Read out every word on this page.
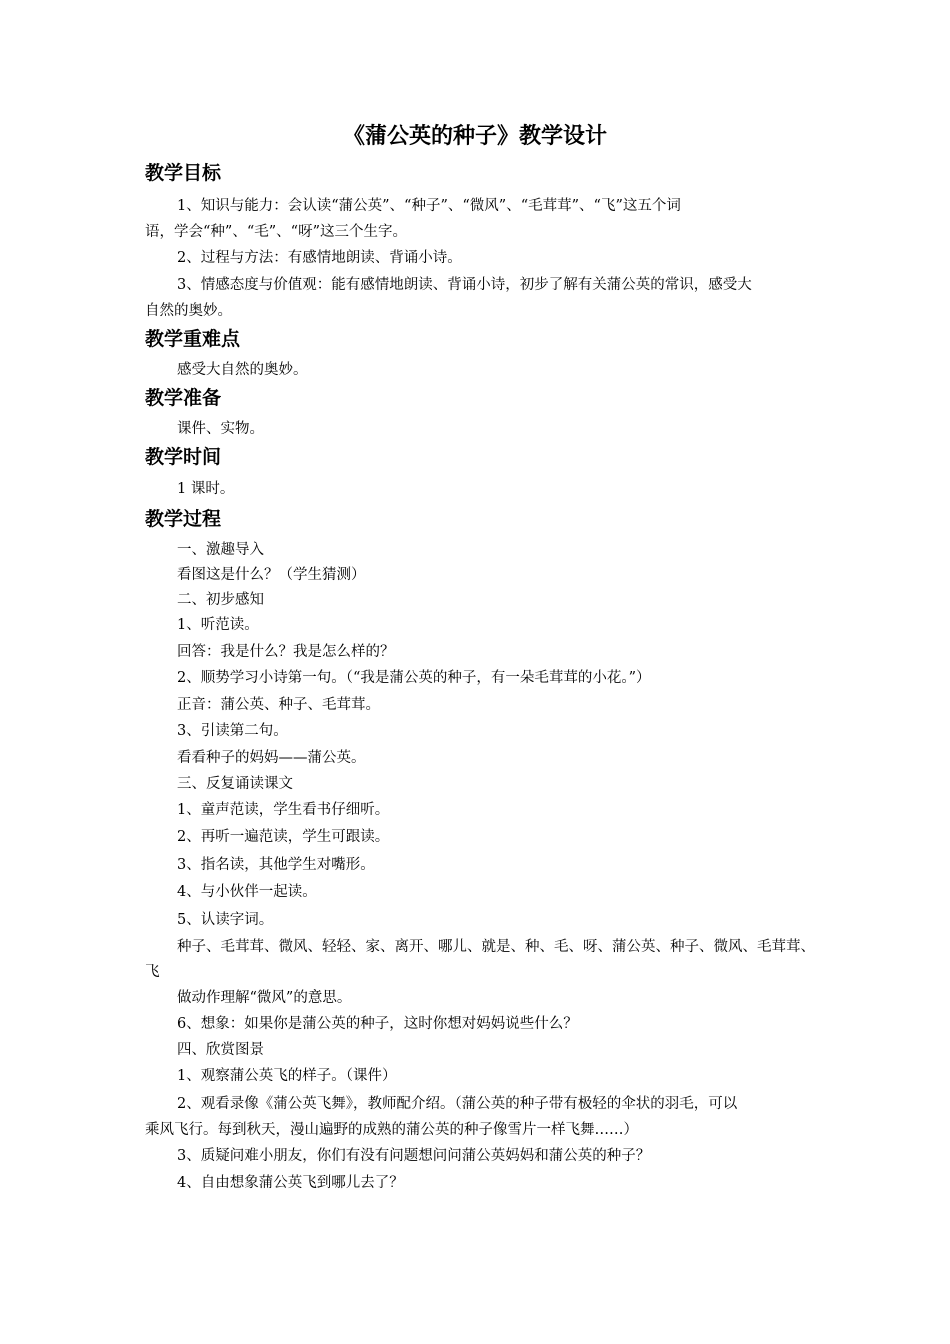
《蒲公英的种子》教学设计
教学目标
1、知识与能力：会认读“蒲公英”、“种子”、“微风”、“毛茸茸”、“飞”这五个词
语，学会“种”、“毛”、“呀”这三个生字。
2、过程与方法：有感情地朗读、背诵小诗。
3、情感态度与价值观：能有感情地朗读、背诵小诗，初步了解有关蒲公英的常识，感受大
自然的奥妙。
教学重难点
感受大自然的奥妙。
教学准备
课件、实物。
教学时间
1 课时。
教学过程
一、激趣导入
看图这是什么？（学生猜测）
二、初步感知
1、听范读。
回答：我是什么？我是怎么样的？
2、顺势学习小诗第一句。（“我是蒲公英的种子，有一朵毛茸茸的小花。”）
正音：蒲公英、种子、毛茸茸。
3、引读第二句。
看看种子的妈妈——蒲公英。
三、反复诵读课文
1、童声范读，学生看书仔细听。
2、再听一遍范读，学生可跟读。
3、指名读，其他学生对嘴形。
4、与小伙伴一起读。
5、认读字词。
种子、毛茸茸、微风、轻轻、家、离开、哪儿、就是、种、毛、呀、蒲公英、种子、微风、毛茸茸、
飞
做动作理解“微风”的意思。
6、想象：如果你是蒲公英的种子，这时你想对妈妈说些什么？
四、欣赏图景
1、观察蒲公英飞的样子。（课件）
2、观看录像《蒲公英飞舞》，教师配介绍。（蒲公英的种子带有极轻的伞状的羽毛，可以
乘风飞行。每到秋天，漫山遍野的成熟的蒲公英的种子像雪片一样飞舞……）
3、质疑问难小朋友，你们有没有问题想问问蒲公英妈妈和蒲公英的种子？
4、自由想象蒲公英飞到哪儿去了？
